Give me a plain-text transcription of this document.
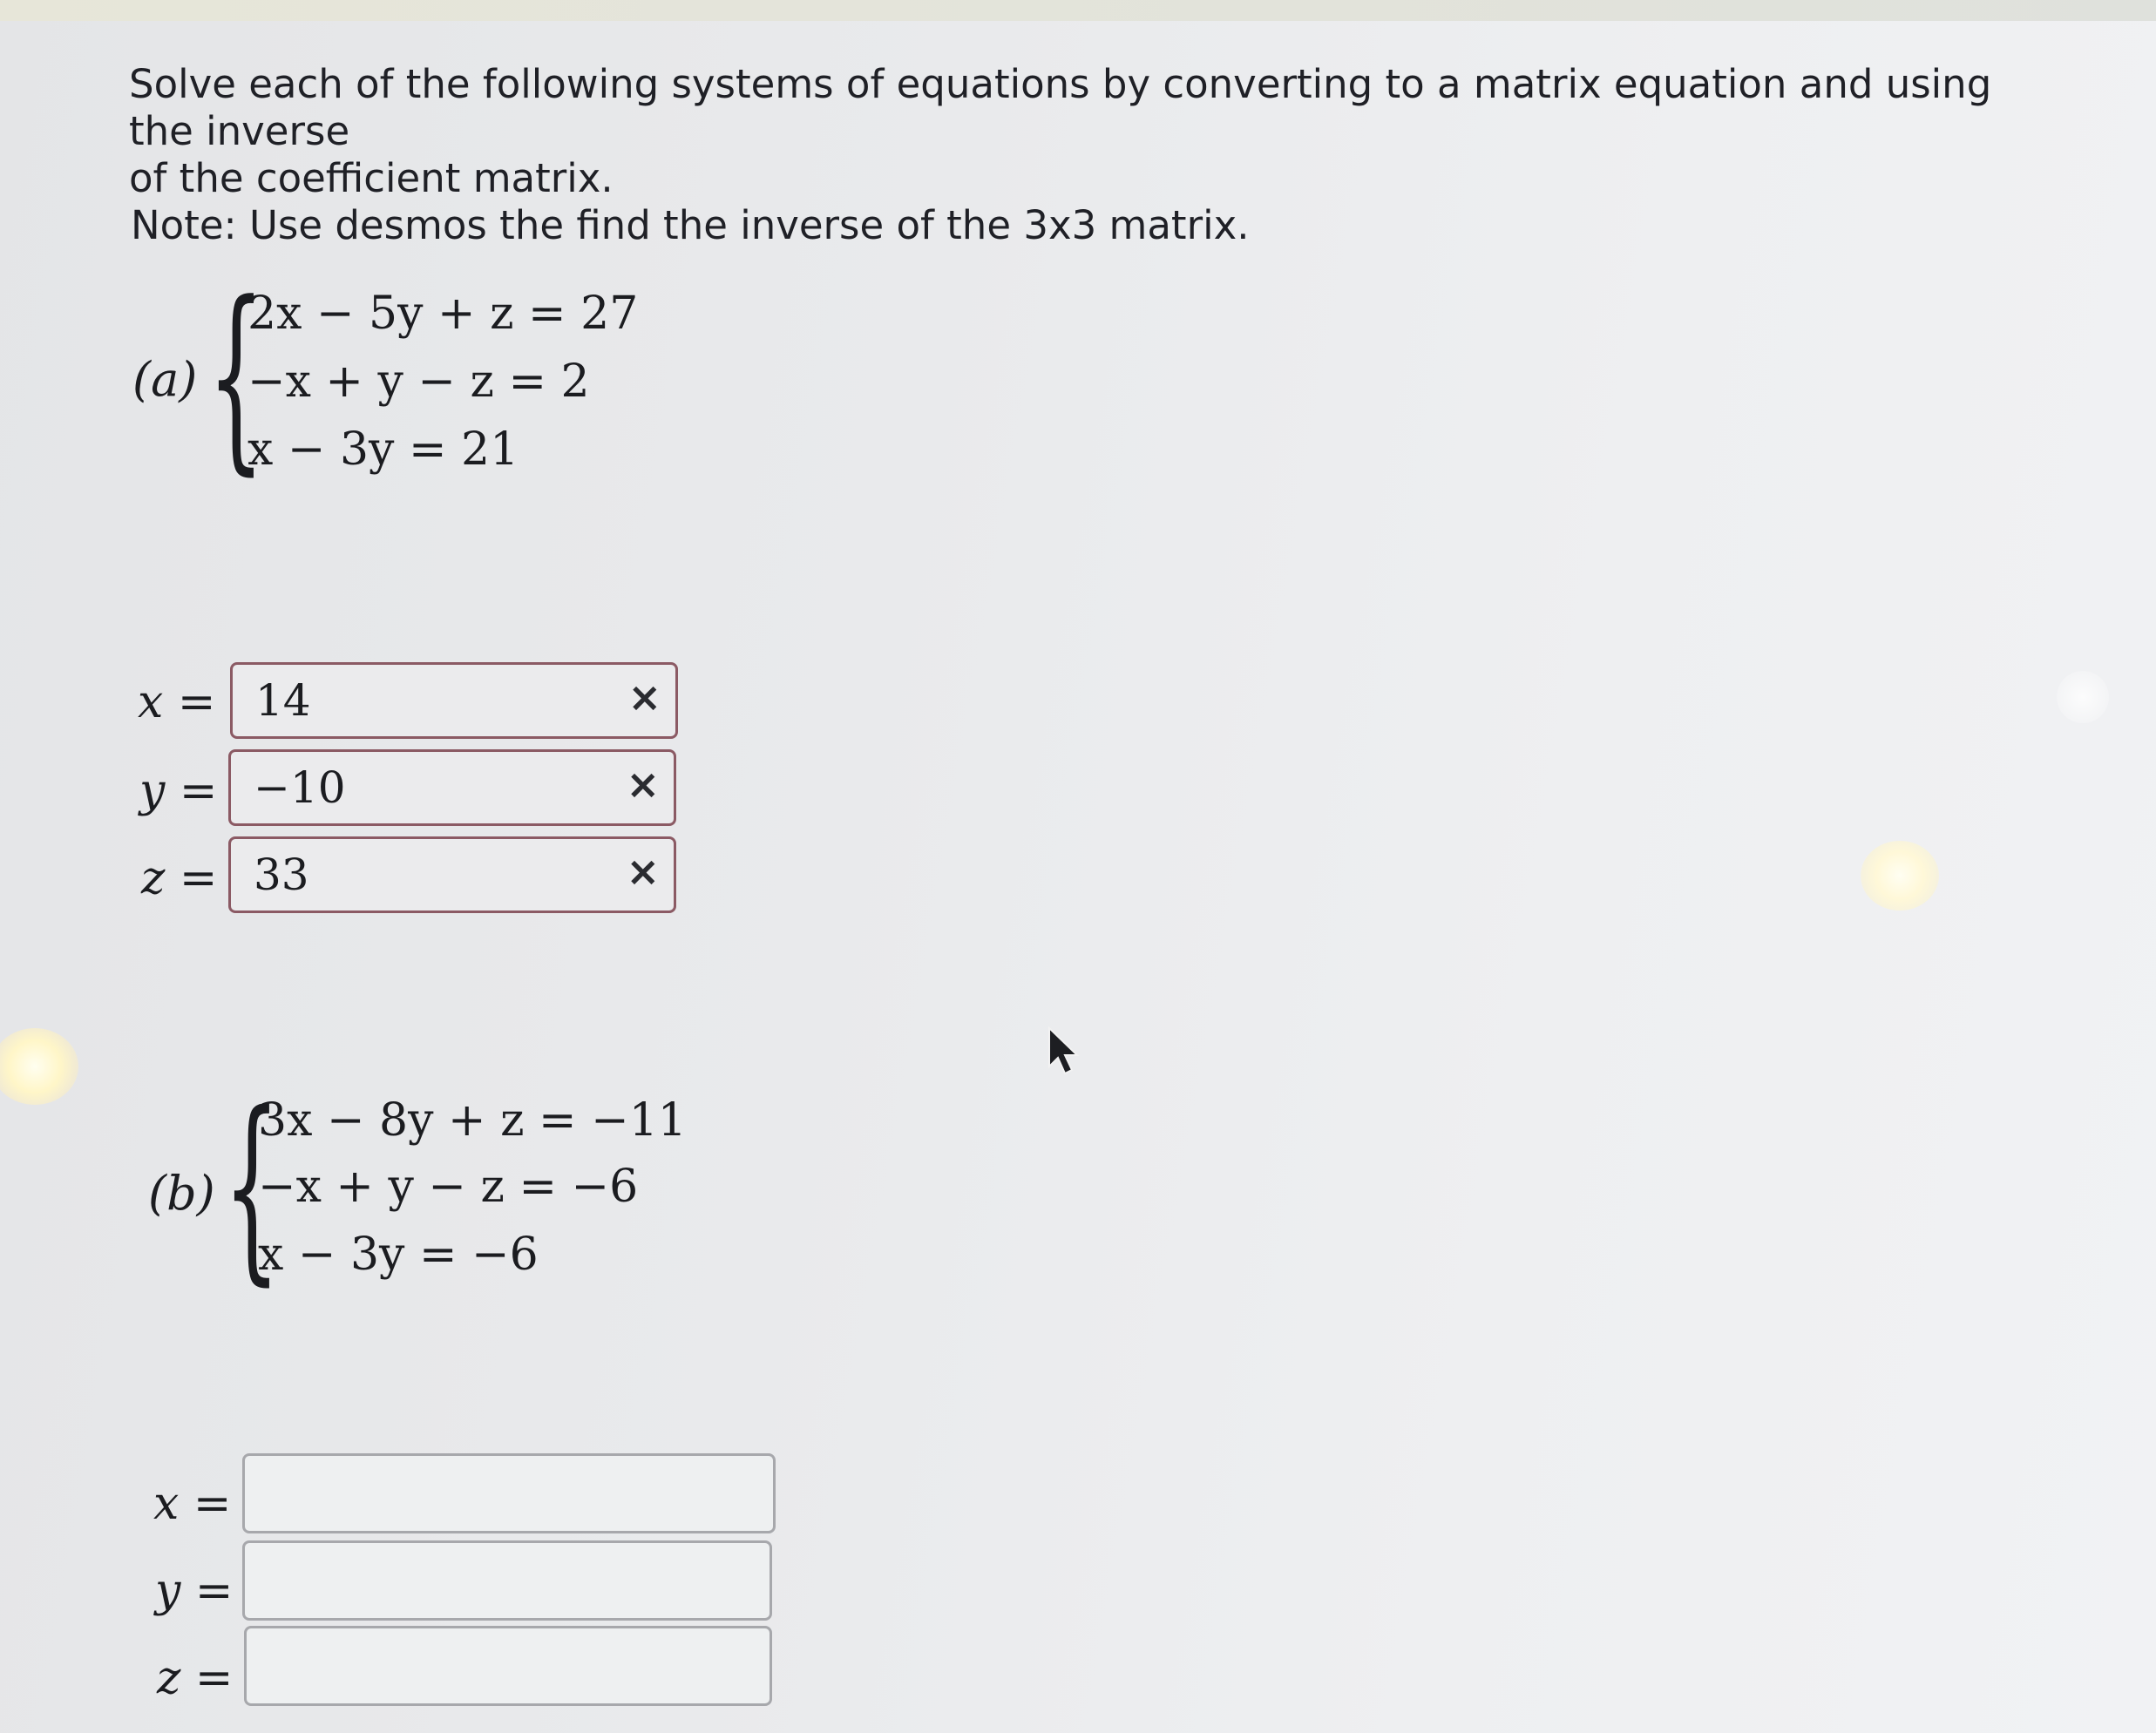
Solve each of the following systems of equations by converting to a matrix equation and using the inverse
of the coefficient matrix.
Note: Use desmos the find the inverse of the 3x3 matrix.
(a) {
2x − 5y + z = 27
−x + y − z = 2
x − 3y = 21
x = 14	×
y = −10	×
z = 33	×
(b) {
3x − 8y + z = −11
−x + y − z = −6
x − 3y = −6
x =
y =
z =
